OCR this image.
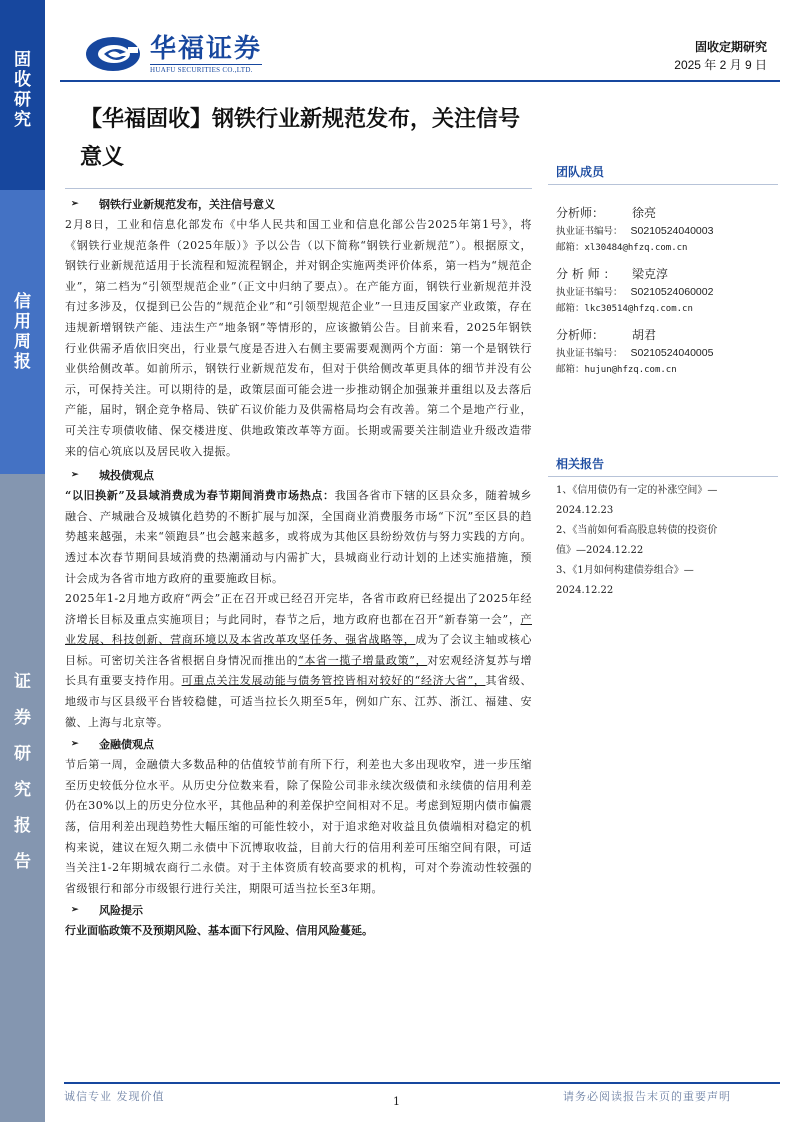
固
收
研
究
信
用
周
报
证
券
研
究
报
告
华福证券
HUAFU SECURITIES CO.,LTD.
固收定期研究
2025 年 2 月 9 日
【华福固收】钢铁行业新规范发布，关注信号意义
➢ 钢铁行业新规范发布，关注信号意义

2月8日，工业和信息化部发布《中华人民共和国工业和信息化部公告2025年第1号》，将《钢铁行业规范条件（2025年版）》予以公告（以下简称“钢铁行业新规范”）。根据原文，钢铁行业新规范适用于长流程和短流程钢企，并对钢企实施两类评价体系，第一档为“规范企业”，第二档为“引领型规范企业”（正文中归纳了要点）。在产能方面，钢铁行业新规范并没有过多涉及，仅提到已公告的“规范企业”和“引领型规范企业”一旦违反国家产业政策，存在违规新增钢铁产能、违法生产“地条钢”等情形的，应该撤销公告。目前来看，2025年钢铁行业供需矛盾依旧突出，行业景气度是否进入右侧主要需要观测两个方面：第一个是钢铁行业供给侧改革。如前所示，钢铁行业新规范发布，但对于供给侧改革更具体的细节并没有公示，可保持关注。可以期待的是，政策层面可能会进一步推动钢企加强兼并重组以及去落后产能，届时，钢企竞争格局、铁矿石议价能力及供需格局均会有改善。第二个是地产行业，可关注专项债收储、保交楼进度、供地政策改革等方面。长期或需要关注制造业升级改造带来的信心筑底以及居民收入提振。

➢ 城投债观点

“以旧换新”及县域消费成为春节期间消费市场热点：我国各省市下辖的区县众多，随着城乡融合、产城融合及城镇化趋势的不断扩展与加深，全国商业消费服务市场“下沉”至区县的趋势越来越强，未来“领跑县”也会越来越多，或将成为其他区县纷纷效仿与努力实践的方向。透过本次春节期间县域消费的热潮涌动与内需扩大，县城商业行动计划的上述实施措施，预计会成为各省市地方政府的重要施政目标。

2025年1-2月地方政府“两会”正在召开或已经召开完毕，各省市政府已经提出了2025年经济增长目标及重点实施项目；与此同时，春节之后，地方政府也都在召开“新春第一会”，产业发展、科技创新、营商环境以及本省改革攻坚任务、强省战略等，成为了会议主轴或核心目标。可密切关注各省根据自身情况而推出的“本省一揽子增量政策”，对宏观经济复苏与增长具有重要支持作用。可重点关注发展动能与债务管控皆相对较好的“经济大省”，其省级、地级市与区县级平台皆较稳健，可适当拉长久期至5年，例如广东、江苏、浙江、福建、安徽、上海与北京等。

➢ 金融债观点

节后第一周，金融债大多数品种的估值较节前有所下行，利差也大多出现收窄，进一步压缩至历史较低分位水平。从历史分位数来看，除了保险公司非永续次级债和永续债的信用利差仍在30%以上的历史分位水平，其他品种的利差保护空间相对不足。考虑到短期内债市偏震荡，信用利差出现趋势性大幅压缩的可能性较小，对于追求绝对收益且负债端相对稳定的机构来说，建议在短久期二永债中下沉博取收益，目前大行的信用利差可压缩空间有限，可适当关注1-2年期城农商行二永债。对于主体资质有较高要求的机构，可对个券流动性较强的省级银行和部分市级银行进行关注，期限可适当拉长至3年期。

➢ 风险提示
行业面临政策不及预期风险、基本面下行风险、信用风险蔓延。
团队成员
分析师：	徐亮
执业证书编号： S0210524040003
邮箱：xl30484@hfzq.com.cn
分 析 师 ：	梁克淳
执业证书编号： S0210524060002
邮箱：lkc30514@hfzq.com.cn
分析师：	胡君
执业证书编号： S0210524040005
邮箱：hujun@hfzq.com.cn
相关报告
1、《信用债仍有一定的补涨空间》—
2024.12.23
2、《当前如何看高股息转债的投资价
值》—2024.12.22
3、《1月如何构建债券组合》—
2024.12.22
诚信专业 发现价值	1	请务必阅读报告末页的重要声明
